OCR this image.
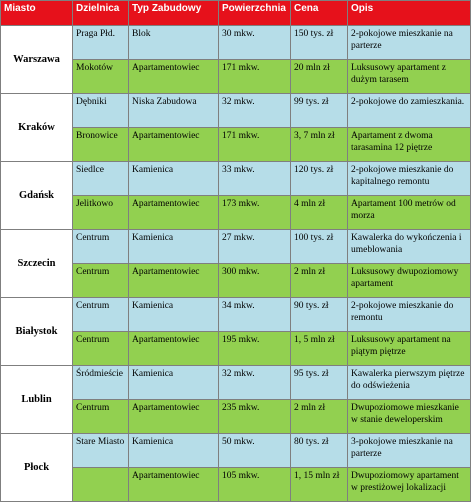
Miasto	Dzielnica	Typ Zabudowy	Powierzchnia	Cena	Opis
Warszawa	Praga Płd.	Blok	30 mkw.	150 tys. zł	2-pokojowe mieszkanie na parterze
	Mokotów	Apartamentowiec	171 mkw.	20 mln zł	Luksusowy apartament z dużym tarasem
Kraków	Dębniki	Niska Zabudowa	32 mkw.	99 tys. zł	2-pokojowe do zamieszkania.
	Bronowice	Apartamentowiec	171 mkw.	3, 7 mln zł	Apartament z dwoma tarasamina 12 piętrze
Gdańsk	Siedlce	Kamienica	33 mkw.	120 tys. zł	2-pokojowe mieszkanie do kapitalnego remontu
	Jelitkowo	Apartamentowiec	173 mkw.	4 mln zł	Apartament 100 metrów od morza
Szczecin	Centrum	Kamienica	27 mkw.	100 tys. zł	Kawalerka do wykończenia i umeblowania
	Centrum	Apartamentowiec	300 mkw.	2 mln zł	Luksusowy dwupoziomowy apartament
Białystok	Centrum	Kamienica	34 mkw.	90 tys. zł	2-pokojowe mieszkanie do remontu
	Centrum	Apartamentowiec	195 mkw.	1, 5 mln zł	Luksusowy apartament na piątym piętrze
Lublin	Śródmieście	Kamienica	32 mkw.	95 tys. zł	Kawalerka pierwszym piętrze do odświeżenia
	Centrum	Apartamentowiec	235 mkw.	2 mln zł	Dwupoziomowe mieszkanie w stanie deweloperskim
Płock	Stare Miasto	Kamienica	50 mkw.	80 tys. zł	3-pokojowe mieszkanie na parterze
		Apartamentowiec	105 mkw.	1, 15 mln zł	Dwupoziomowy apartament w prestiżowej lokalizacji
